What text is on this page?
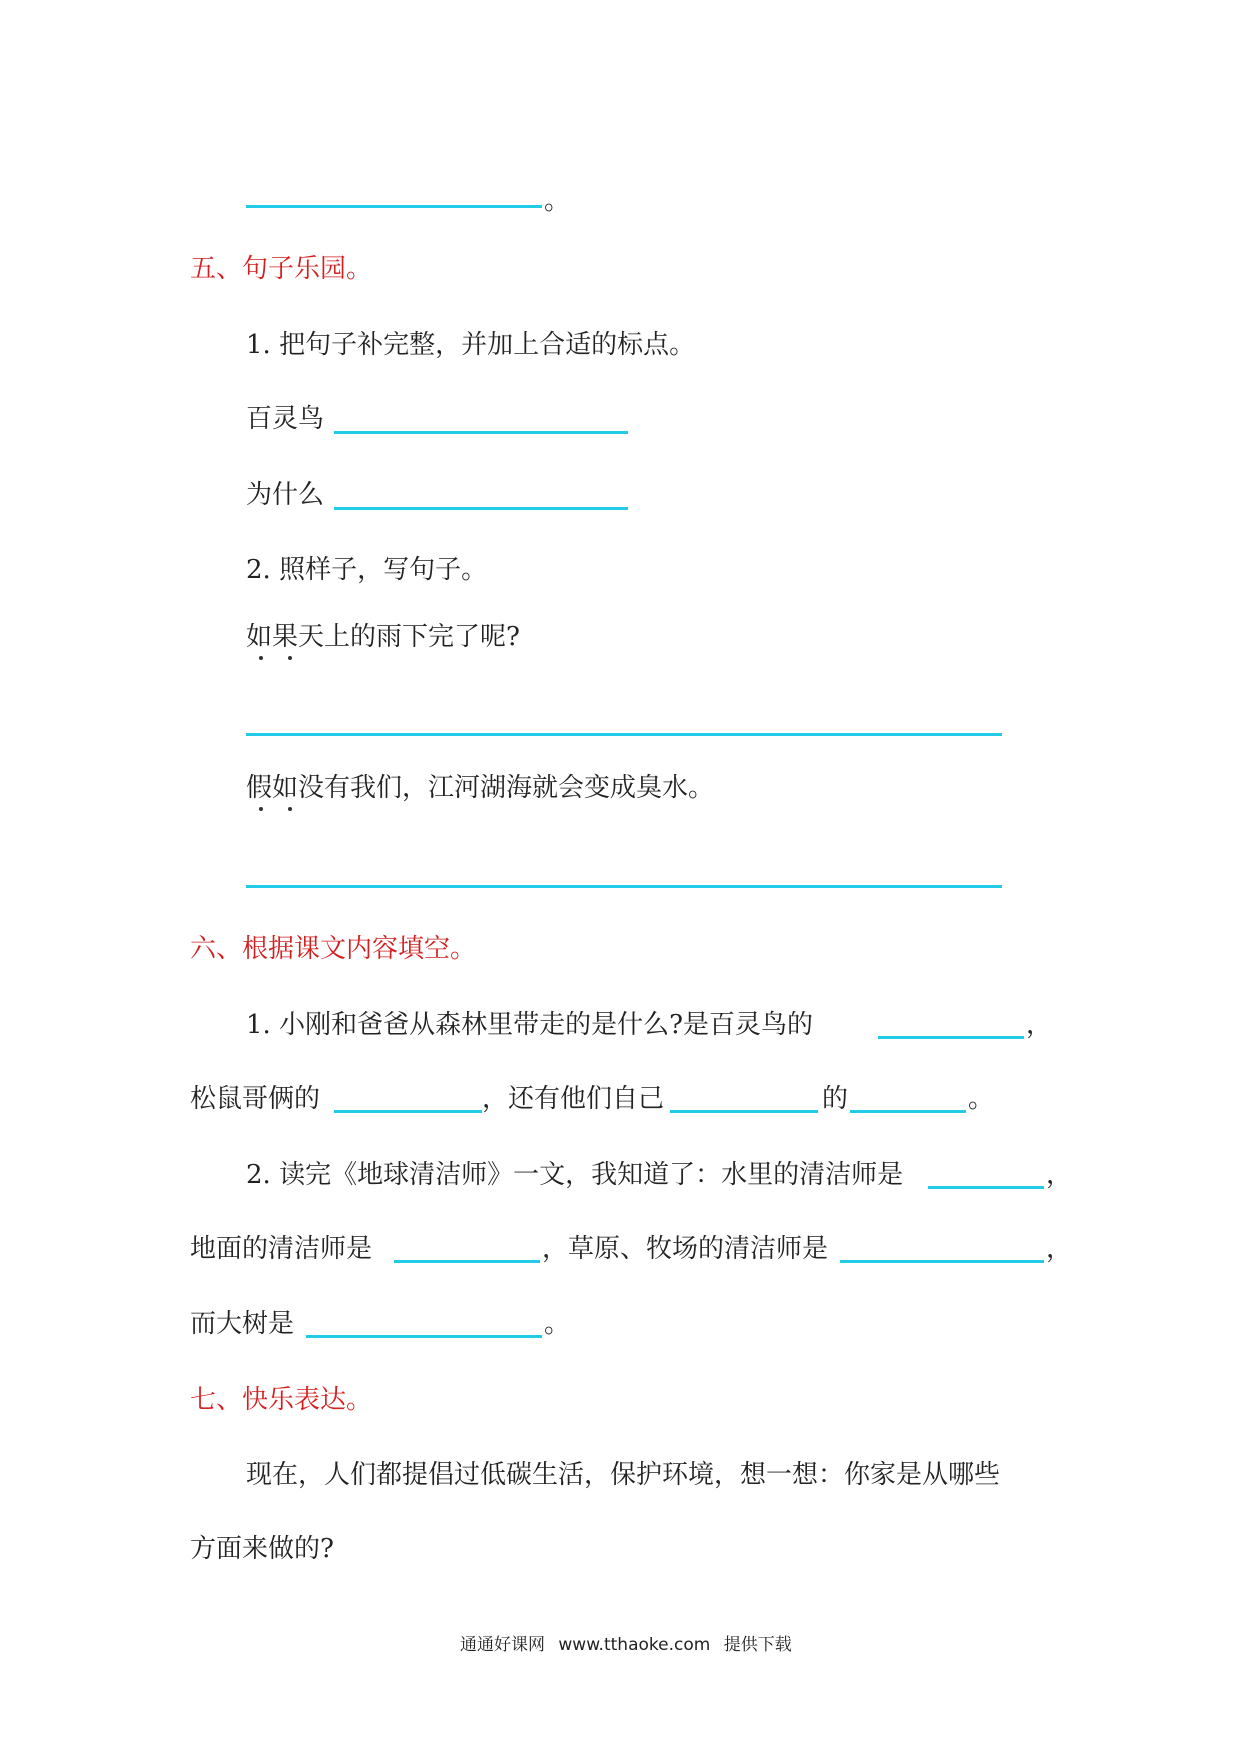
。
五、句子乐园。
1. 把句子补完整，并加上合适的标点。
百灵鸟
为什么
2. 照样子，写句子。
如果天上的雨下完了呢?
假如没有我们，江河湖海就会变成臭水。
六、根据课文内容填空。
1. 小刚和爸爸从森林里带走的是什么?是百灵鸟的	，
松鼠哥俩的	，还有他们自己	的	。
2. 读完《地球清洁师》一文，我知道了：水里的清洁师是	，
地面的清洁师是	，草原、牧场的清洁师是	，
而大树是	。
七、快乐表达。
现在，人们都提倡过低碳生活，保护环境，想一想：你家是从哪些
方面来做的?
通通好课网 www.tthaoke.com 提供下载
